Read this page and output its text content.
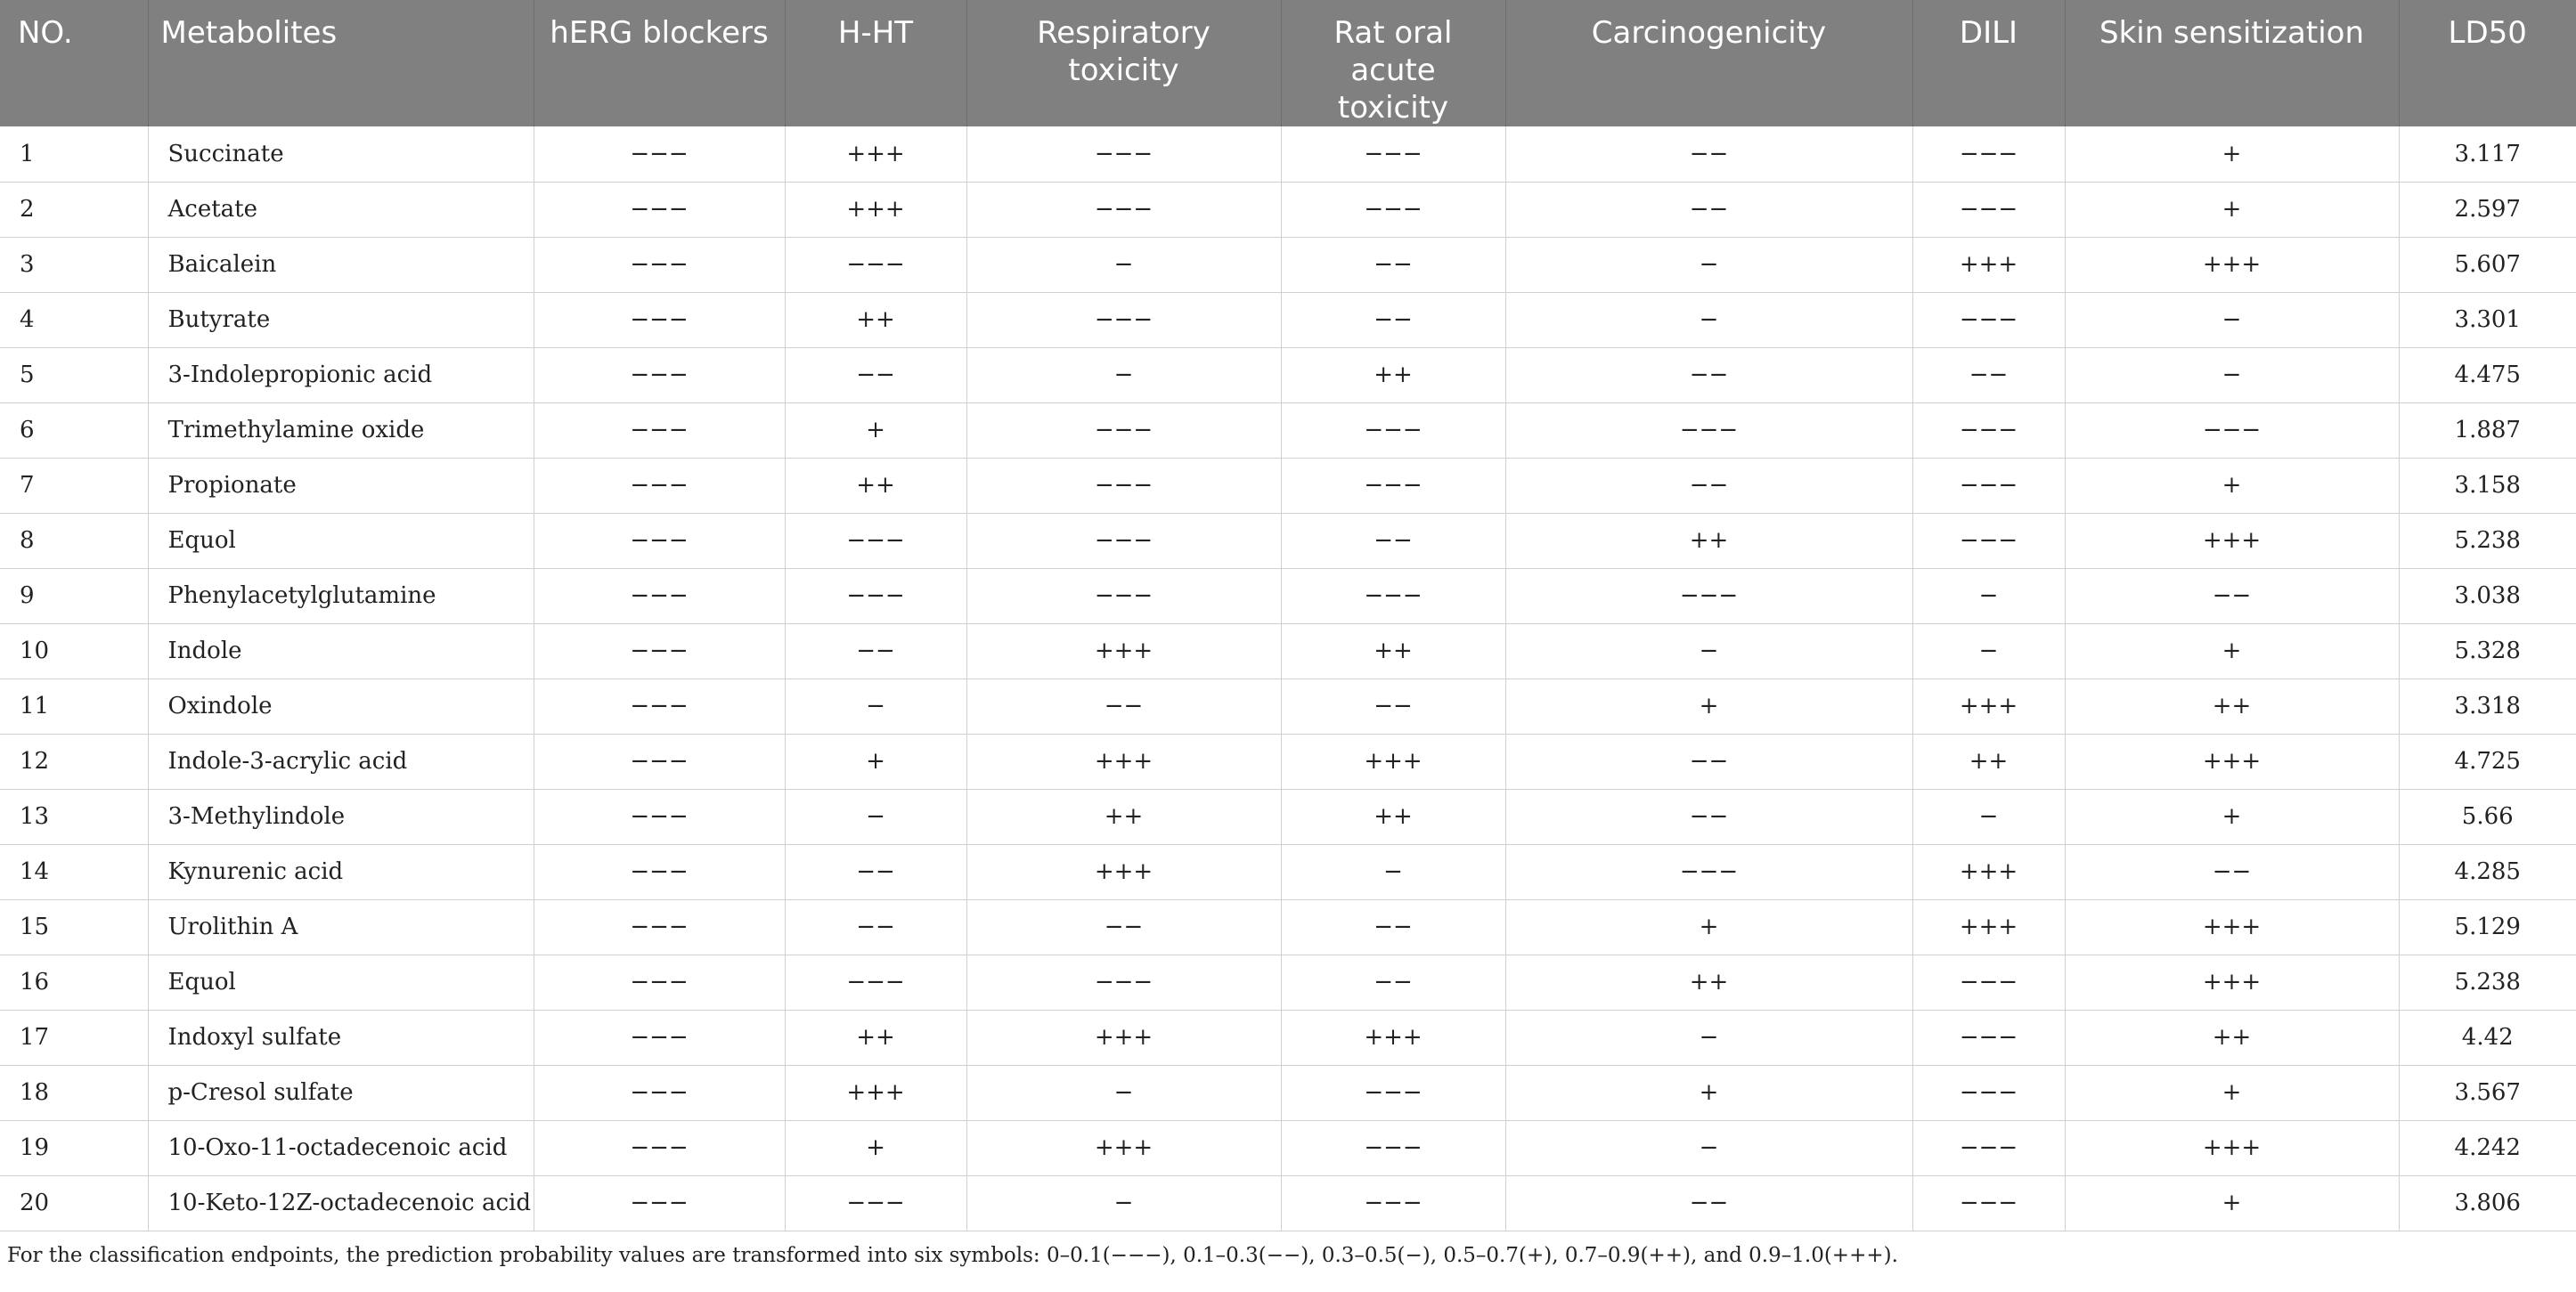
NO.	Metabolites	hERG blockers	H-HT	Respiratory toxicity	Rat oral acute toxicity	Carcinogenicity	DILI	Skin sensitization	LD50
1	Succinate	−−−	+++	−−−	−−−	−−	−−−	+	3.117
2	Acetate	−−−	+++	−−−	−−−	−−	−−−	+	2.597
3	Baicalein	−−−	−−−	−	−−	−	+++	+++	5.607
4	Butyrate	−−−	++	−−−	−−	−	−−−	−	3.301
5	3-Indolepropionic acid	−−−	−−	−	++	−−	−−	−	4.475
6	Trimethylamine oxide	−−−	+	−−−	−−−	−−−	−−−	−−−	1.887
7	Propionate	−−−	++	−−−	−−−	−−	−−−	+	3.158
8	Equol	−−−	−−−	−−−	−−	++	−−−	+++	5.238
9	Phenylacetylglutamine	−−−	−−−	−−−	−−−	−−−	−	−−	3.038
10	Indole	−−−	−−	+++	++	−	−	+	5.328
11	Oxindole	−−−	−	−−	−−	+	+++	++	3.318
12	Indole-3-acrylic acid	−−−	+	+++	+++	−−	++	+++	4.725
13	3-Methylindole	−−−	−	++	++	−−	−	+	5.66
14	Kynurenic acid	−−−	−−	+++	−	−−−	+++	−−	4.285
15	Urolithin A	−−−	−−	−−	−−	+	+++	+++	5.129
16	Equol	−−−	−−−	−−−	−−	++	−−−	+++	5.238
17	Indoxyl sulfate	−−−	++	+++	+++	−	−−−	++	4.42
18	p-Cresol sulfate	−−−	+++	−	−−−	+	−−−	+	3.567
19	10-Oxo-11-octadecenoic acid	−−−	+	+++	−−−	−	−−−	+++	4.242
20	10-Keto-12Z-octadecenoic acid	−−−	−−−	−	−−−	−−	−−−	+	3.806
For the classification endpoints, the prediction probability values are transformed into six symbols: 0–0.1(−−−), 0.1–0.3(−−), 0.3–0.5(−), 0.5–0.7(+), 0.7–0.9(++), and 0.9–1.0(+++).
